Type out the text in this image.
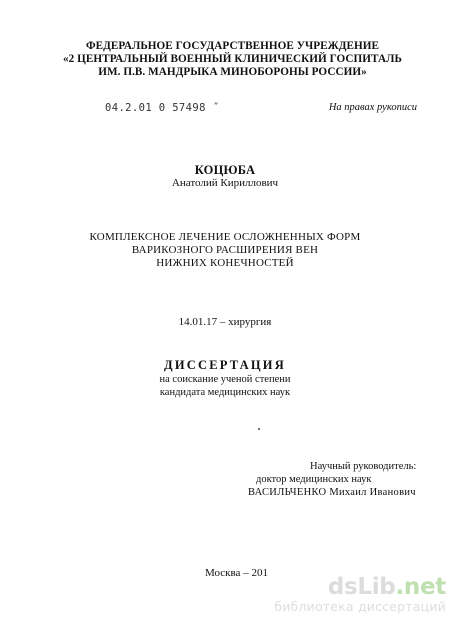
ФЕДЕРАЛЬНОЕ ГОСУДАРСТВЕННОЕ УЧРЕЖДЕНИЕ
«2 ЦЕНТРАЛЬНЫЙ ВОЕННЫЙ КЛИНИЧЕСКИЙ ГОСПИТАЛЬ
ИМ. П.В. МАНДРЫКА МИНОБОРОНЫ РОССИИ»
04.2.01 0 57498 ˝	На правах рукописи
КОЦЮБА
Анатолий Кириллович
КОМПЛЕКСНОЕ ЛЕЧЕНИЕ ОСЛОЖНЕННЫХ ФОРМ
ВАРИКОЗНОГО РАСШИРЕНИЯ ВЕН
НИЖНИХ КОНЕЧНОСТЕЙ
14.01.17 – хирургия
ДИССЕРТАЦИЯ
на соискание ученой степени
кандидата медицинских наук
Научный руководитель:
доктор медицинских наук
ВАСИЛЬЧЕНКО Михаил Иванович
Москва – 201
dsLib.net
библиотека диссертаций
